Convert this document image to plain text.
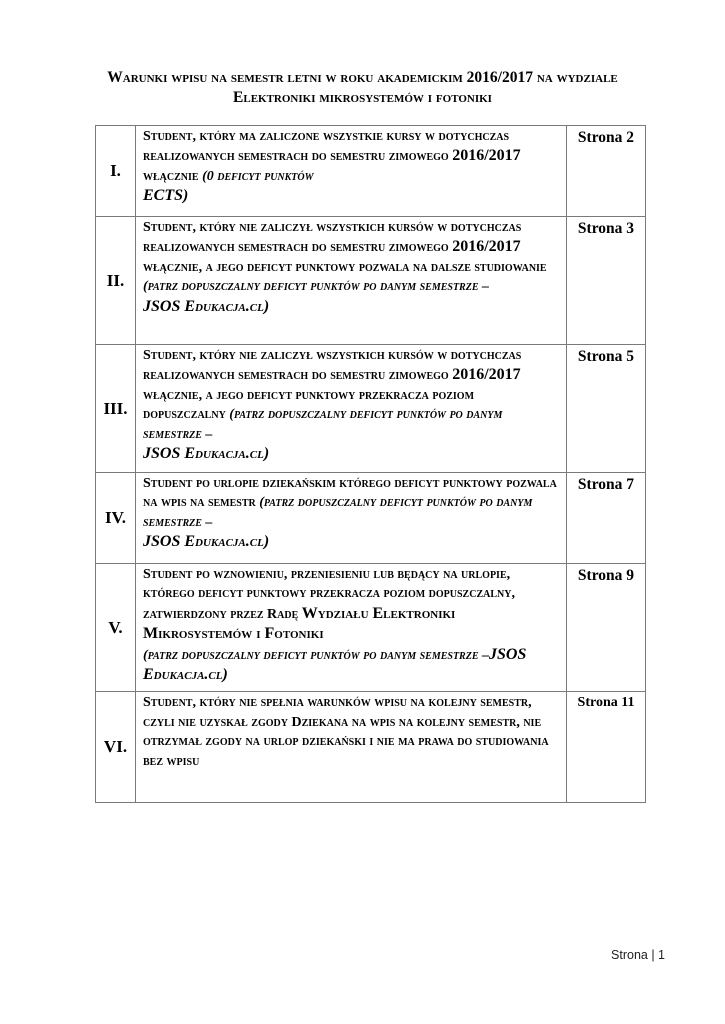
Warunki wpisu na semestr letni w roku akademickim 2016/2017 na wydziale
Elektroniki mikrosystemów i fotoniki
I.	Student, który ma zaliczone wszystkie kursy w dotychczas realizowanych semestrach do semestru zimowego 2016/2017 włącznie (0 deficyt punktów
ECTS)	Strona 2
II.	Student, który nie zaliczył wszystkich kursów w dotychczas realizowanych semestrach do semestru zimowego 2016/2017 włącznie, a jego deficyt punktowy pozwala na dalsze studiowanie (patrz dopuszczalny deficyt punktów po danym semestrze –
JSOS Edukacja.cl)	Strona 3
III.	Student, który nie zaliczył wszystkich kursów w dotychczas realizowanych semestrach do semestru zimowego 2016/2017 włącznie, a jego deficyt punktowy przekracza poziom dopuszczalny (patrz dopuszczalny deficyt punktów po danym semestrze –
JSOS Edukacja.cl)	Strona 5
IV.	Student po urlopie dziekańskim którego deficyt punktowy pozwala na wpis na semestr (patrz dopuszczalny deficyt punktów po danym semestrze –
JSOS Edukacja.cl)	Strona 7
V.	Student po wznowieniu, przeniesieniu lub będący na urlopie, którego deficyt punktowy przekracza poziom dopuszczalny, zatwierdzony przez Radę Wydziału Elektroniki Mikrosystemów i Fotoniki
(patrz dopuszczalny deficyt punktów po danym semestrze –JSOS Edukacja.cl)	Strona 9
VI.	Student, który nie spełnia warunków wpisu na kolejny semestr, czyli nie uzyskał zgody Dziekana na wpis na kolejny semestr, nie otrzymał zgody na urlop dziekański i nie ma prawa do studiowania bez wpisu	Strona 11
Strona | 1
